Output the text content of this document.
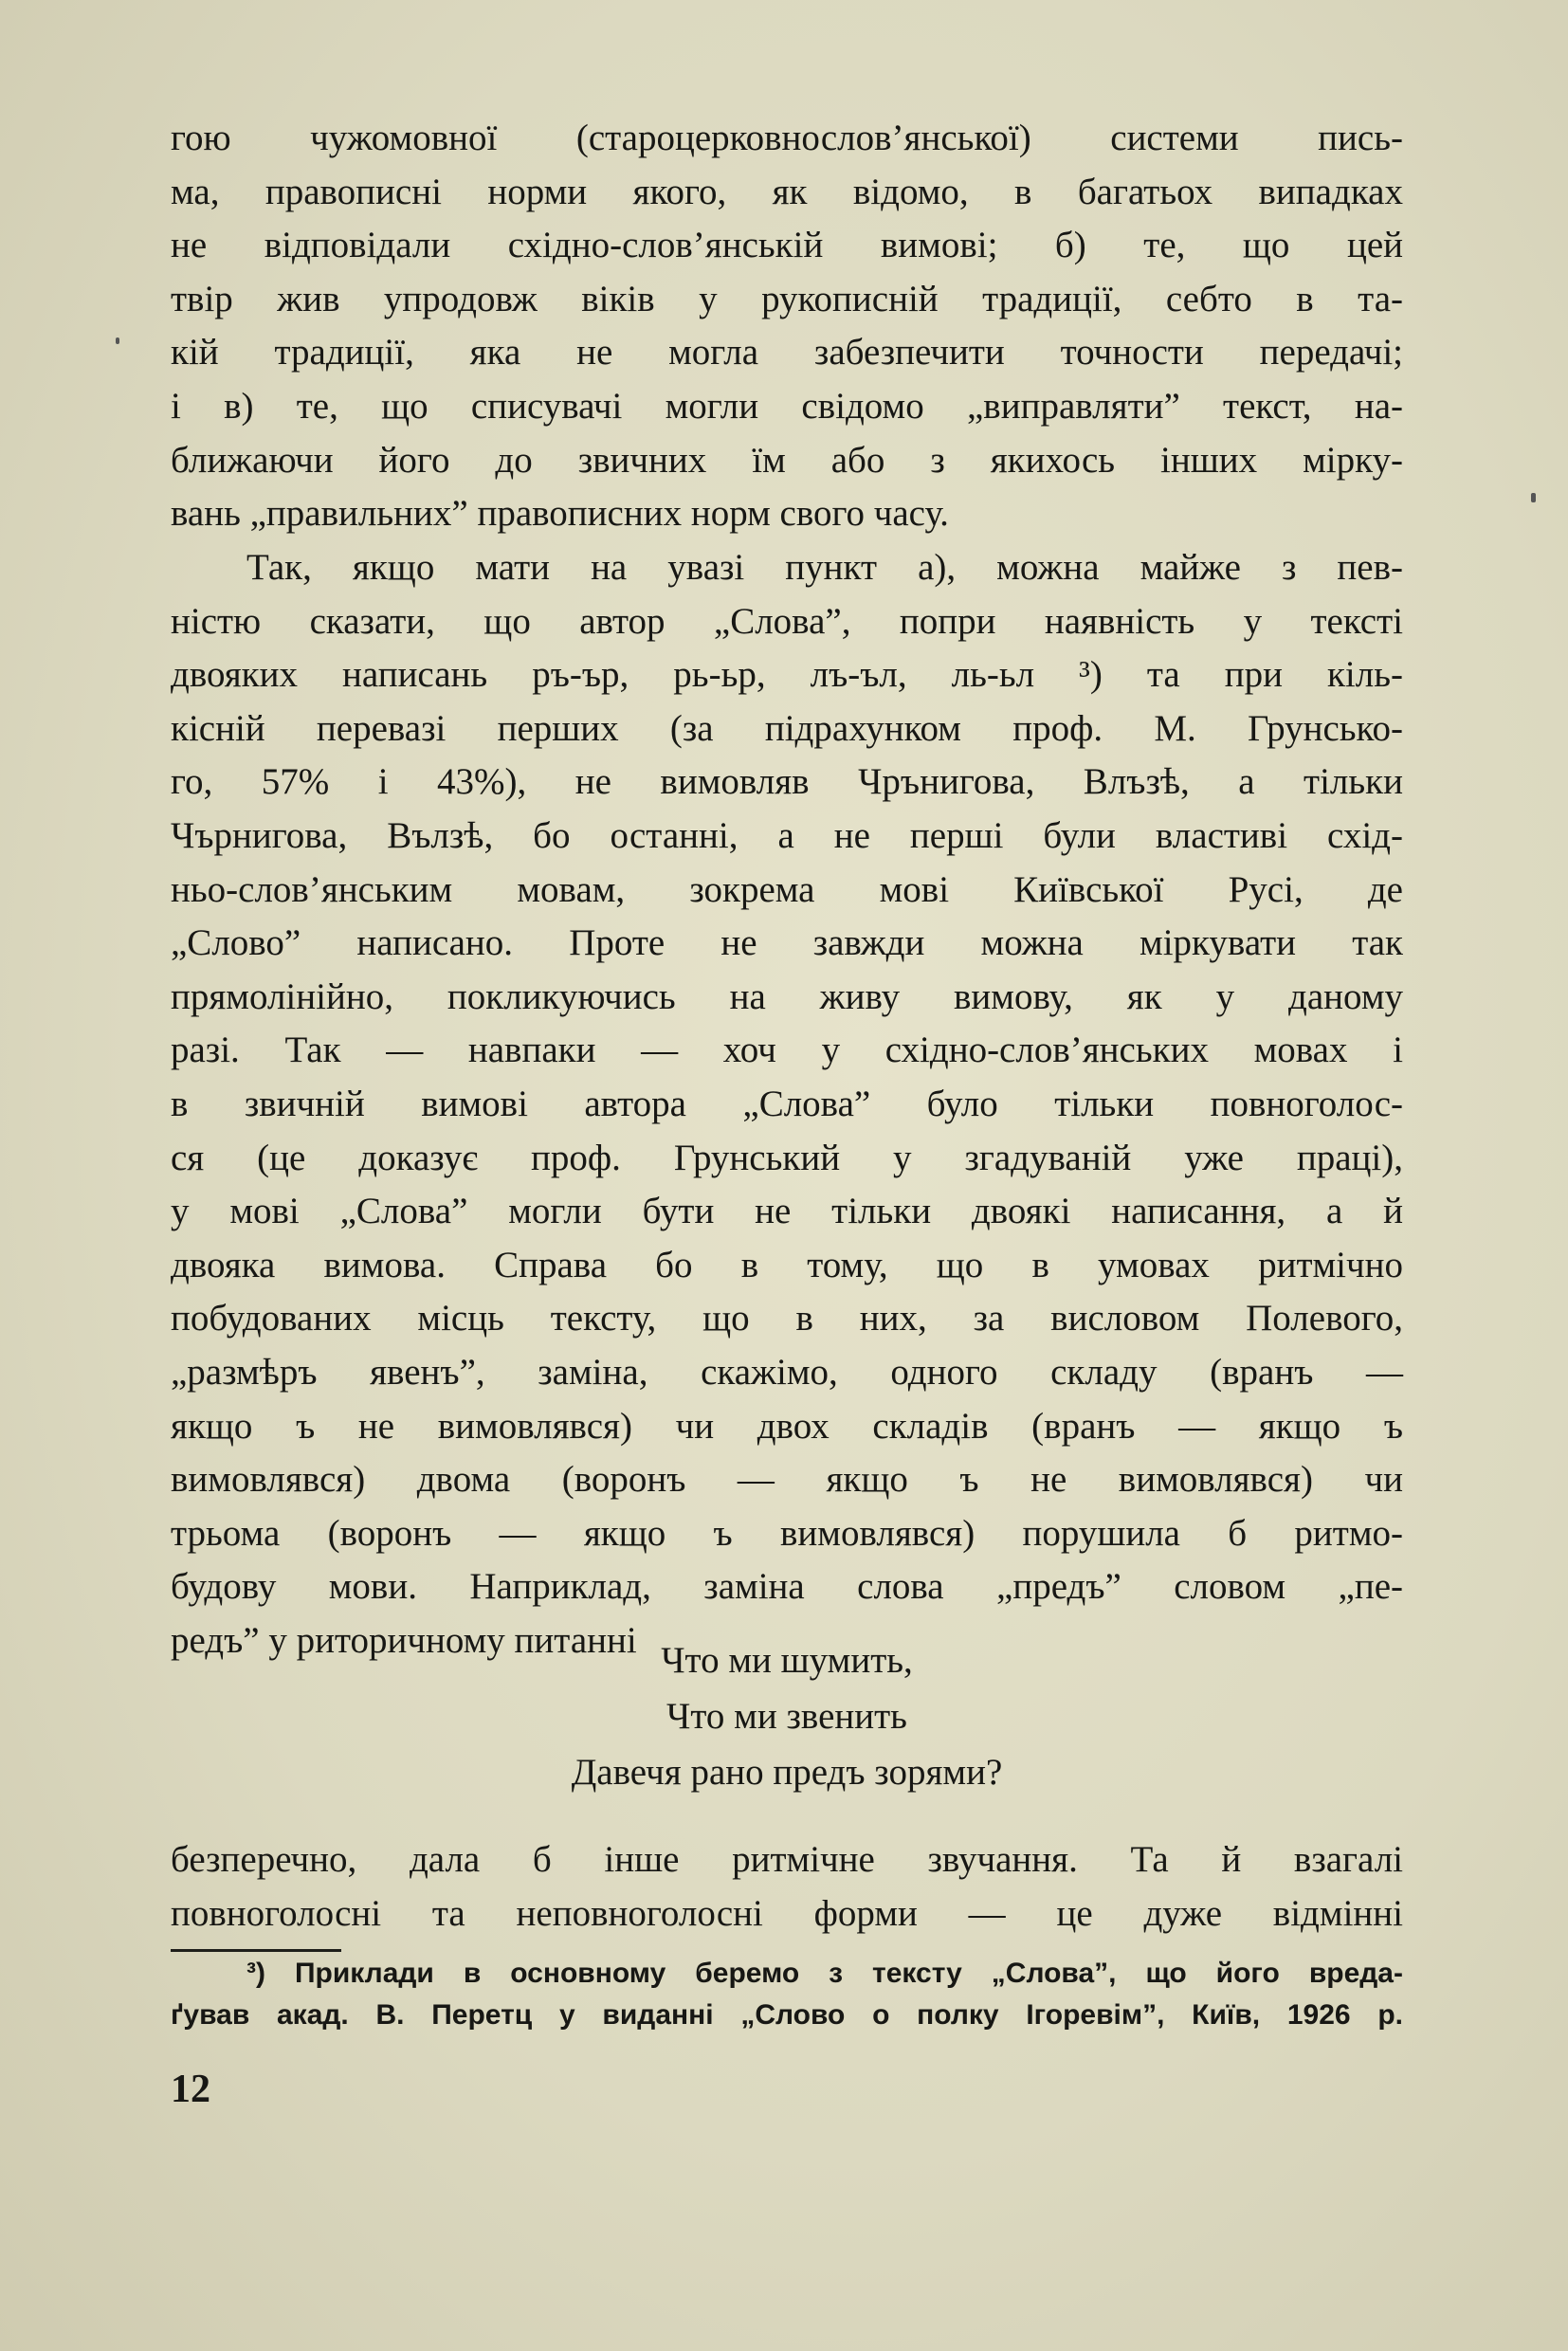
гою чужомовної (староцерковнослов’янської) системи пись-
ма, правописні норми якого, як відомо, в багатьох випадках
не відповідали східно-слов’янській вимові; б) те, що цей
твір жив упродовж віків у рукописній традиції, себто в та-
кій традиції, яка не могла забезпечити точности передачі;
і в) те, що списувачі могли свідомо „виправляти” текст, на-
ближаючи його до звичних їм або з якихось інших мірку-
вань „правильних” правописних норм свого часу.

Так, якщо мати на увазі пункт а), можна майже з пев-
ністю сказати, що автор „Слова”, попри наявність у тексті
двояких написань ръ-ър, рь-ьр, лъ-ъл, ль-ьл ³) та при кіль-
кісній перевазі перших (за підрахунком проф. М. Грунсько-
го, 57% і 43%), не вимовляв Чрънигова, Влъзѣ, а тільки
Чърнигова, Вълзѣ, бо останні, а не перші були властиві схід-
ньо-слов’янським мовам, зокрема мові Київської Русі, де
„Слово” написано. Проте не завжди можна міркувати так
прямолінійно, покликуючись на живу вимову, як у даному
разі. Так — навпаки — хоч у східно-слов’янських мовах і
в звичній вимові автора „Слова” було тільки повноголос-
ся (це доказує проф. Грунський у згадуваній уже праці),
у мові „Слова” могли бути не тільки двоякі написання, а й
двояка вимова. Справа бо в тому, що в умовах ритмічно
побудованих місць тексту, що в них, за висловом Полевого,
„размѣръ явенъ”, заміна, скажімо, одного складу (вранъ —
якщо ъ не вимовлявся) чи двох складів (вранъ — якщо ъ
вимовлявся) двома (воронъ — якщо ъ не вимовлявся) чи
трьома (воронъ — якщо ъ вимовлявся) порушила б ритмо-
будову мови. Наприклад, заміна слова „предъ” словом „пе-
редъ” у риторичному питанні Что ми шумить,
Что ми звенить
Давечя рано предъ зорями?

безперечно, дала б інше ритмічне звучання. Та й взагалі
повноголосні та неповноголосні форми — це дуже відмінні

³) Приклади в основному беремо з тексту „Слова”, що його вреда-
ґував акад. В. Перетц у виданні „Слово о полку Ігоревім”, Київ, 1926 р.
12
